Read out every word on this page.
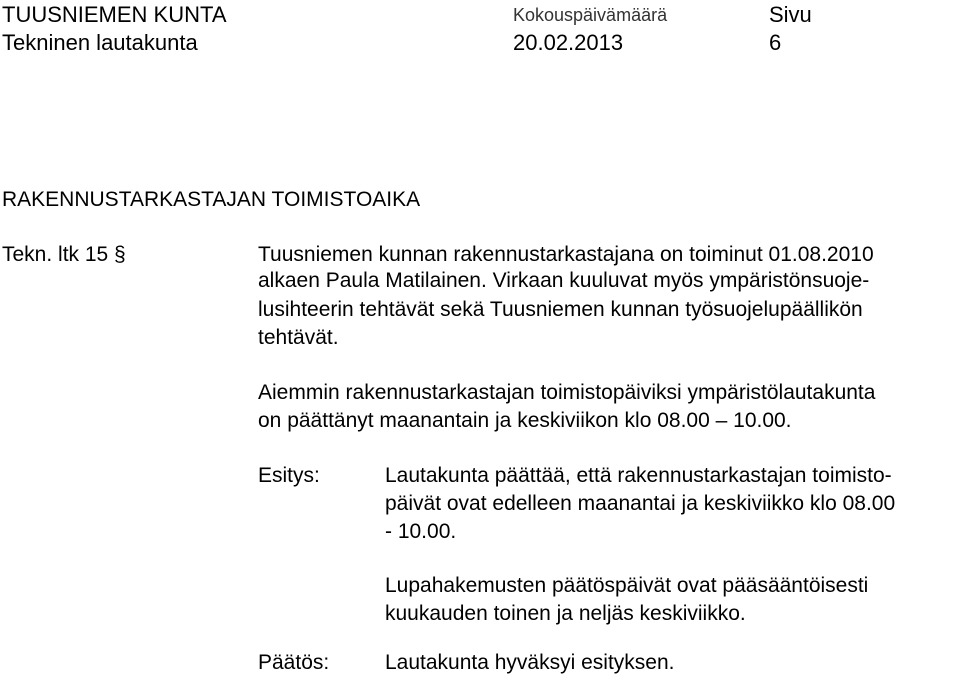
TUUSNIEMEN KUNTA
Tekninen lautakunta
Kokouspäivämäärä
20.02.2013
Sivu
6
RAKENNUSTARKASTAJAN TOIMISTOAIKA
Tekn. ltk 15 §	Tuusniemen kunnan rakennustarkastajana on toiminut 01.08.2010
alkaen Paula Matilainen. Virkaan kuuluvat myös ympäristönsuoje-
lusihteerin tehtävät sekä Tuusniemen kunnan työsuojelupäällikön
tehtävät.
Aiemmin rakennustarkastajan toimistopäiviksi ympäristölautakunta
on päättänyt maanantain ja keskiviikon klo 08.00 – 10.00.
Esitys:	Lautakunta päättää, että rakennustarkastajan toimisto-
päivät ovat edelleen maanantai ja keskiviikko klo 08.00
- 10.00.
Lupahakemusten päätöspäivät ovat pääsääntöisesti
kuukauden toinen ja neljäs keskiviikko.
Päätös:	Lautakunta hyväksyi esityksen.
